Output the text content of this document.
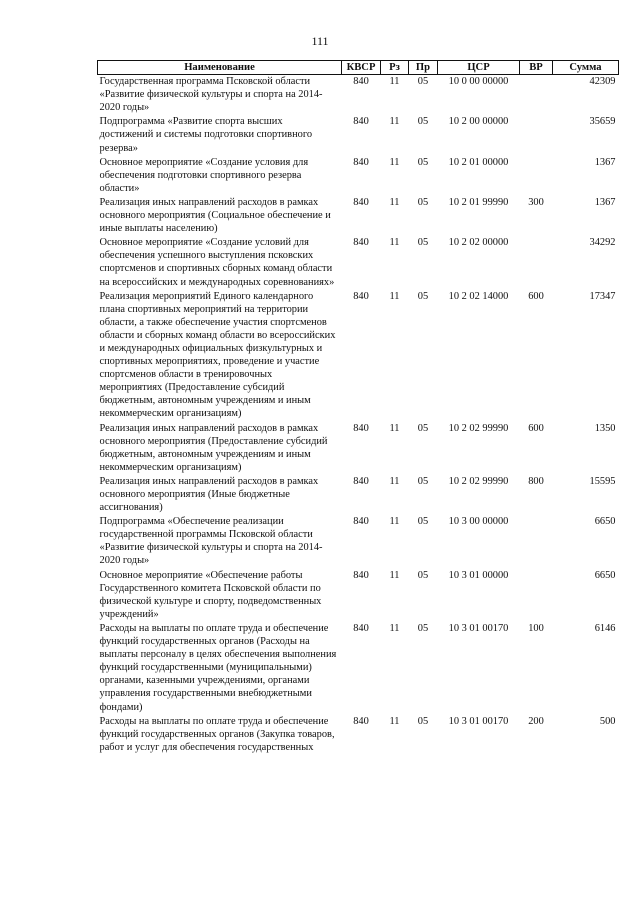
111
Наименование	КВСР	Рз	Пр	ЦСР	ВР	Сумма
Государственная программа Псковской области «Развитие физической культуры и спорта на 2014-2020 годы»	840	11	05	10 0 00 00000		42309
Подпрограмма «Развитие спорта высших достижений и системы подготовки спортивного резерва»	840	11	05	10 2 00 00000		35659
Основное мероприятие «Создание условия для обеспечения подготовки спортивного резерва области»	840	11	05	10 2 01 00000		1367
Реализация иных направлений расходов в рамках основного мероприятия (Социальное обеспечение и иные выплаты населению)	840	11	05	10 2 01 99990	300	1367
Основное мероприятие «Создание условий для обеспечения успешного выступления псковских спортсменов и спортивных сборных команд области на всероссийских и международных соревнованиях»	840	11	05	10 2 02 00000		34292
Реализация мероприятий Единого календарного плана спортивных мероприятий на территории области, а также обеспечение участия спортсменов области и сборных команд области во всероссийских и международных официальных физкультурных и спортивных мероприятиях, проведение и участие спортсменов области в тренировочных мероприятиях (Предоставление субсидий бюджетным, автономным учреждениям и иным некоммерческим организациям)	840	11	05	10 2 02 14000	600	17347
Реализация иных направлений расходов в рамках основного мероприятия (Предоставление субсидий бюджетным, автономным учреждениям и иным некоммерческим организациям)	840	11	05	10 2 02 99990	600	1350
Реализация иных направлений расходов в рамках основного мероприятия (Иные бюджетные ассигнования)	840	11	05	10 2 02 99990	800	15595
Подпрограмма «Обеспечение реализации государственной программы Псковской области «Развитие физической культуры и спорта на 2014-2020 годы»	840	11	05	10 3 00 00000		6650
Основное мероприятие «Обеспечение работы Государственного комитета Псковской области по физической культуре и спорту, подведомственных учреждений»	840	11	05	10 3 01 00000		6650
Расходы на выплаты по оплате труда и обеспечение функций государственных органов (Расходы на выплаты персоналу в целях обеспечения выполнения функций государственными (муниципальными) органами, казенными учреждениями, органами управления государственными внебюджетными фондами)	840	11	05	10 3 01 00170	100	6146
Расходы на выплаты по оплате труда и обеспечение функций государственных органов (Закупка товаров, работ и услуг для обеспечения государственных	840	11	05	10 3 01 00170	200	500
